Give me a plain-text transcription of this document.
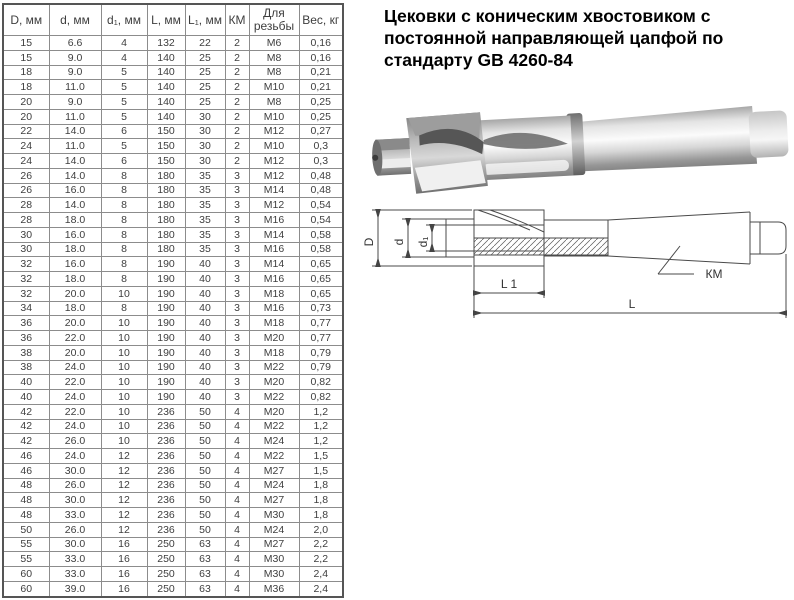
D, мм	d, мм	d₁, мм	L, мм	L₁, мм	КМ	Для резьбы	Вес, кг
15	6.6	4	132	22	2	М6	0,16
15	9.0	4	140	25	2	М8	0,16
18	9.0	5	140	25	2	М8	0,21
18	11.0	5	140	25	2	М10	0,21
20	9.0	5	140	25	2	М8	0,25
20	11.0	5	140	30	2	М10	0,25
22	14.0	6	150	30	2	М12	0,27
24	11.0	5	150	30	2	М10	0,3
24	14.0	6	150	30	2	М12	0,3
26	14.0	8	180	35	3	М12	0,48
26	16.0	8	180	35	3	М14	0,48
28	14.0	8	180	35	3	М12	0,54
28	18.0	8	180	35	3	М16	0,54
30	16.0	8	180	35	3	М14	0,58
30	18.0	8	180	35	3	М16	0,58
32	16.0	8	190	40	3	М14	0,65
32	18.0	8	190	40	3	М16	0,65
32	20.0	10	190	40	3	М18	0,65
34	18.0	8	190	40	3	М16	0,73
36	20.0	10	190	40	3	М18	0,77
36	22.0	10	190	40	3	М20	0,77
38	20.0	10	190	40	3	М18	0,79
38	24.0	10	190	40	3	М22	0,79
40	22.0	10	190	40	3	М20	0,82
40	24.0	10	190	40	3	М22	0,82
42	22.0	10	236	50	4	М20	1,2
42	24.0	10	236	50	4	М22	1,2
42	26.0	10	236	50	4	М24	1,2
46	24.0	12	236	50	4	М22	1,5
46	30.0	12	236	50	4	М27	1,5
48	26.0	12	236	50	4	М24	1,8
48	30.0	12	236	50	4	М27	1,8
48	33.0	12	236	50	4	М30	1,8
50	26.0	12	236	50	4	М24	2,0
55	30.0	16	250	63	4	М27	2,2
55	33.0	16	250	63	4	М30	2,2
60	33.0	16	250	63	4	М30	2,4
60	39.0	16	250	63	4	М36	2,4
Цековки с коническим хвостовиком с постоянной направляющей цапфой по стандарту GB 4260-84
D d d₁
L 1
L
КМ
